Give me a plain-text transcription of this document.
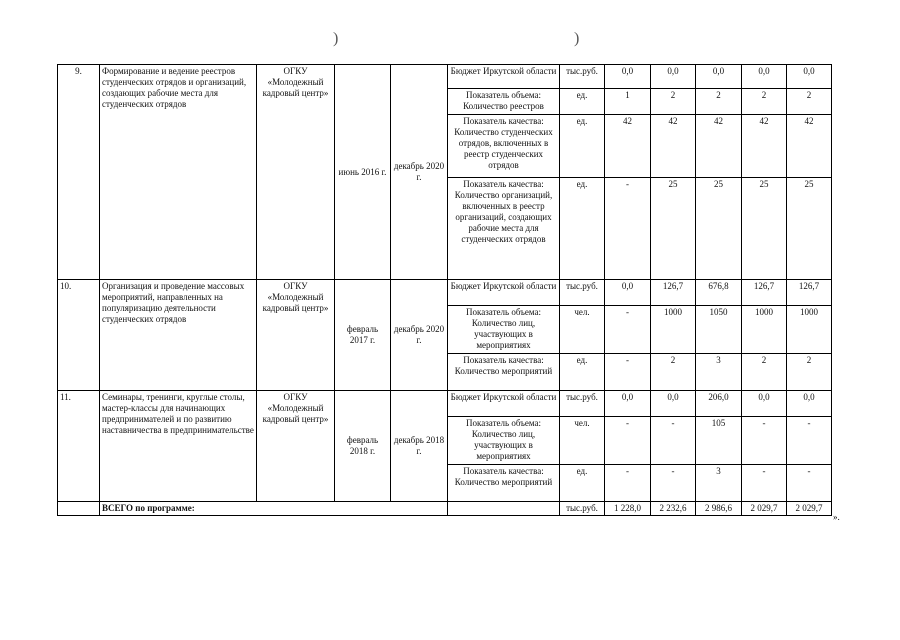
)	)
9.	Формирование и ведение реестров студенческих отрядов и организаций, создающих рабочие места для студенческих отрядов	ОГКУ «Молодежный кадровый центр»	июнь 2016 г.	декабрь 2020 г.	Бюджет Иркутской области	тыс.руб.	0,0	0,0	0,0	0,0	0,0
					Показатель объема: Количество реестров	ед.	1	2	2	2	2
					Показатель качества: Количество студенческих отрядов, включенных в реестр студенческих отрядов	ед.	42	42	42	42	42
					Показатель качества: Количество организаций, включенных в реестр организаций, создающих рабочие места для студенческих отрядов	ед.	-	25	25	25	25
10.	Организация и проведение массовых мероприятий, направленных на популяризацию деятельности студенческих отрядов	ОГКУ «Молодежный кадровый центр»	февраль 2017 г.	декабрь 2020 г.	Бюджет Иркутской области	тыс.руб.	0,0	126,7	676,8	126,7	126,7
					Показатель объема: Количество лиц, участвующих в мероприятиях	чел.	-	1000	1050	1000	1000
					Показатель качества: Количество мероприятий	ед.	-	2	3	2	2
11.	Семинары, тренинги, круглые столы, мастер-классы для начинающих предпринимателей и по развитию наставничества в предпринимательстве	ОГКУ «Молодежный кадровый центр»	февраль 2018 г.	декабрь 2018 г.	Бюджет Иркутской области	тыс.руб.	0,0	0,0	206,0	0,0	0,0
					Показатель объема: Количество лиц, участвующих в мероприятиях	чел.	-	-	105	-	-
					Показатель качества: Количество мероприятий	ед.	-	-	3	-	-
	ВСЕГО по программе:					тыс.руб.	1 228,0	2 232,6	2 986,6	2 029,7	2 029,7
».
